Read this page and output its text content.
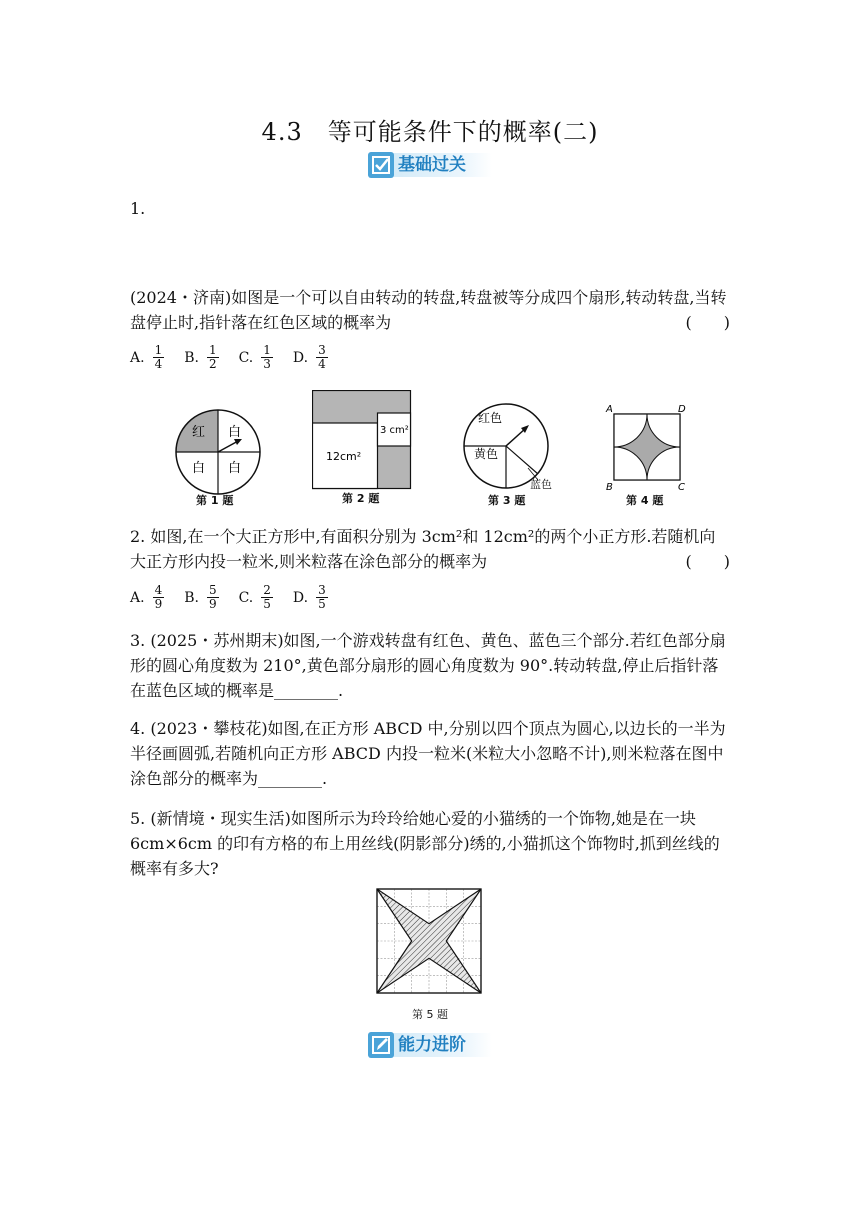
4.3　等可能条件下的概率(二)
基础过关
1.
(2024・济南)如图是一个可以自由转动的转盘,转盘被等分成四个扇形,转动转盘,当转盘停止时,指针落在红色区域的概率为	(　　)
A. $\frac{1}{4} B$. $\frac{1}{2} C$. $\frac{1}{3} D$. $\frac{3}{4}$
红 白
白 白
第 1 题
12cm²
3 cm²
第 2 题
红色
黄色
蓝色
第 3 题
A	D
B	C
第 4 题
2. 如图,在一个大正方形中,有面积分别为 3cm²和 12cm²的两个小正方形.若随机向大正方形内投一粒米,则米粒落在涂色部分的概率为	(　　)
A. $\frac{4}{9} B$. $\frac{5}{9} C$. $\frac{2}{5} D$. $\frac{3}{5}$
3. (2025・苏州期末)如图,一个游戏转盘有红色、黄色、蓝色三个部分.若红色部分扇形的圆心角度数为 210°,黄色部分扇形的圆心角度数为 90°.转动转盘,停止后指针落在蓝色区域的概率是________.
4. (2023・攀枝花)如图,在正方形 ABCD 中,分别以四个顶点为圆心,以边长的一半为半径画圆弧,若随机向正方形 ABCD 内投一粒米(米粒大小忽略不计),则米粒落在图中涂色部分的概率为________.
5. (新情境・现实生活)如图所示为玲玲给她心爱的小猫绣的一个饰物,她是在一块 6cm×6cm 的印有方格的布上用丝线(阴影部分)绣的,小猫抓这个饰物时,抓到丝线的概率有多大?
第 5 题
能力进阶
